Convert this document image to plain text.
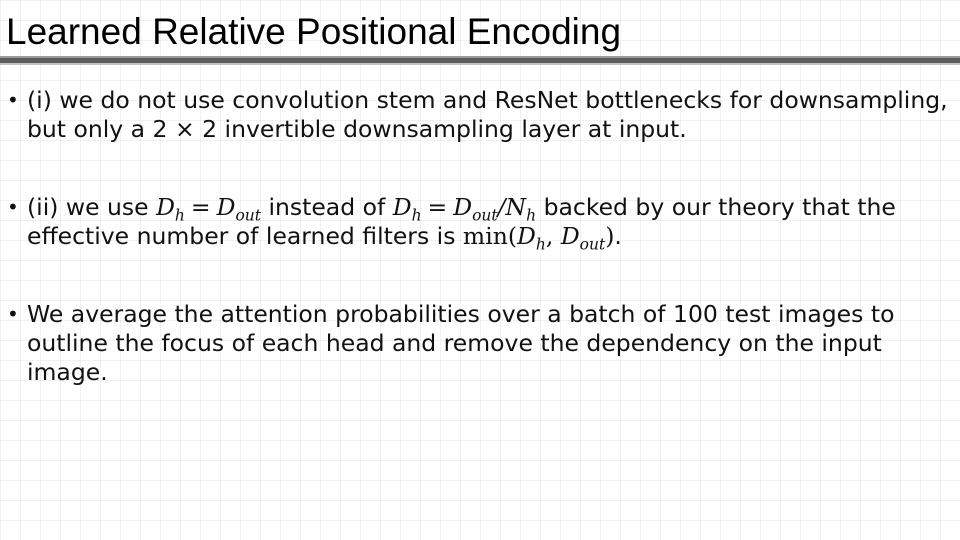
Learned Relative Positional Encoding
• (i) we do not use convolution stem and ResNet bottlenecks for downsampling, but only a 2 × 2 invertible downsampling layer at input.
• (ii) we use $D_h = D_{out}$ instead of $D_h = D_{out}/N_h$ backed by our theory that the effective number of learned filters is $\min(D_h$, $D_{out}$).
• We average the attention probabilities over a batch of 100 test images to outline the focus of each head and remove the dependency on the input image.
